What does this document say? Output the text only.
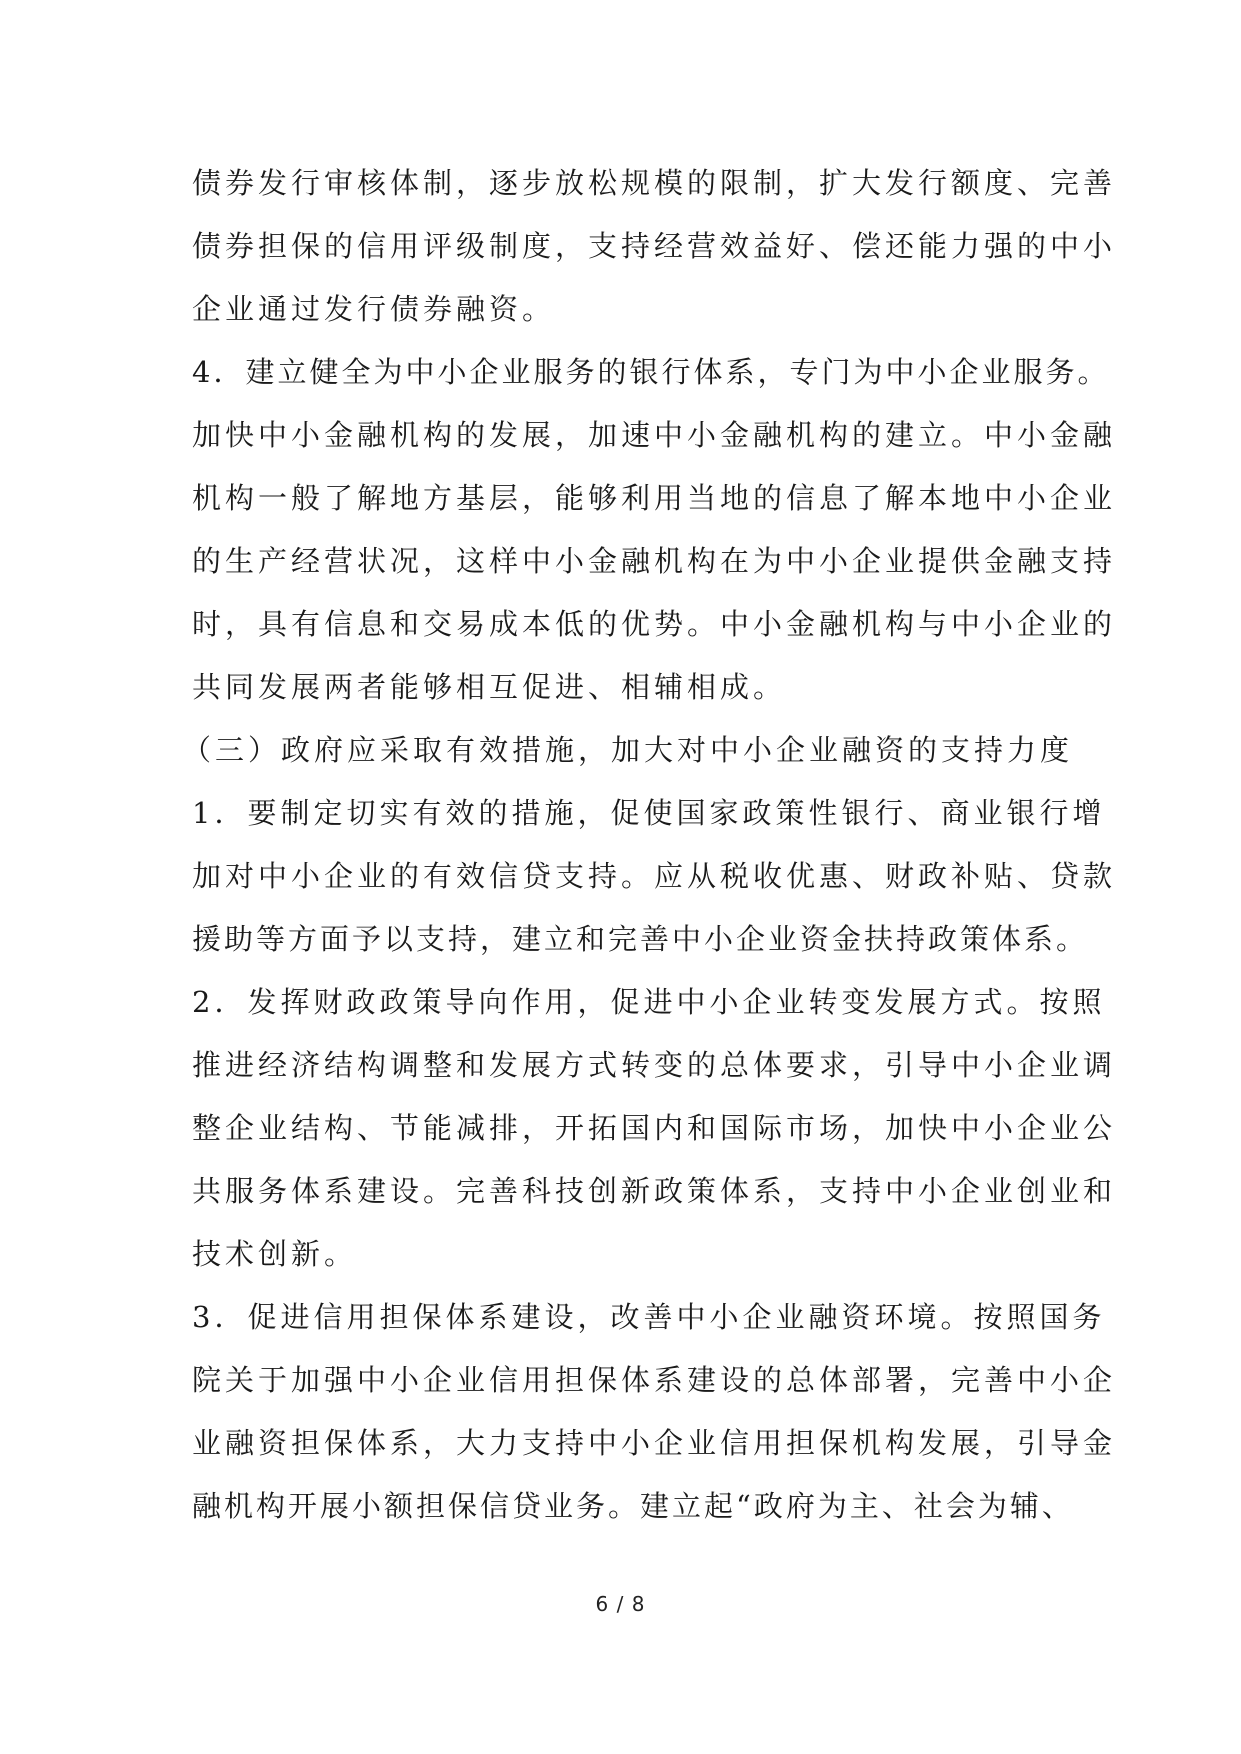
债券发行审核体制，逐步放松规模的限制，扩大发行额度、完善
债券担保的信用评级制度，支持经营效益好、偿还能力强的中小
企业通过发行债券融资。
4．建立健全为中小企业服务的银行体系，专门为中小企业服务。
加快中小金融机构的发展，加速中小金融机构的建立。中小金融
机构一般了解地方基层，能够利用当地的信息了解本地中小企业
的生产经营状况，这样中小金融机构在为中小企业提供金融支持
时，具有信息和交易成本低的优势。中小金融机构与中小企业的
共同发展两者能够相互促进、相辅相成。
（三）政府应采取有效措施，加大对中小企业融资的支持力度
1．要制定切实有效的措施，促使国家政策性银行、商业银行增
加对中小企业的有效信贷支持。应从税收优惠、财政补贴、贷款
援助等方面予以支持，建立和完善中小企业资金扶持政策体系。
2．发挥财政政策导向作用，促进中小企业转变发展方式。按照
推进经济结构调整和发展方式转变的总体要求，引导中小企业调
整企业结构、节能减排，开拓国内和国际市场，加快中小企业公
共服务体系建设。完善科技创新政策体系，支持中小企业创业和
技术创新。
3．促进信用担保体系建设，改善中小企业融资环境。按照国务
院关于加强中小企业信用担保体系建设的总体部署，完善中小企
业融资担保体系，大力支持中小企业信用担保机构发展，引导金
融机构开展小额担保信贷业务。建立起“政府为主、社会为辅、
6 / 8
